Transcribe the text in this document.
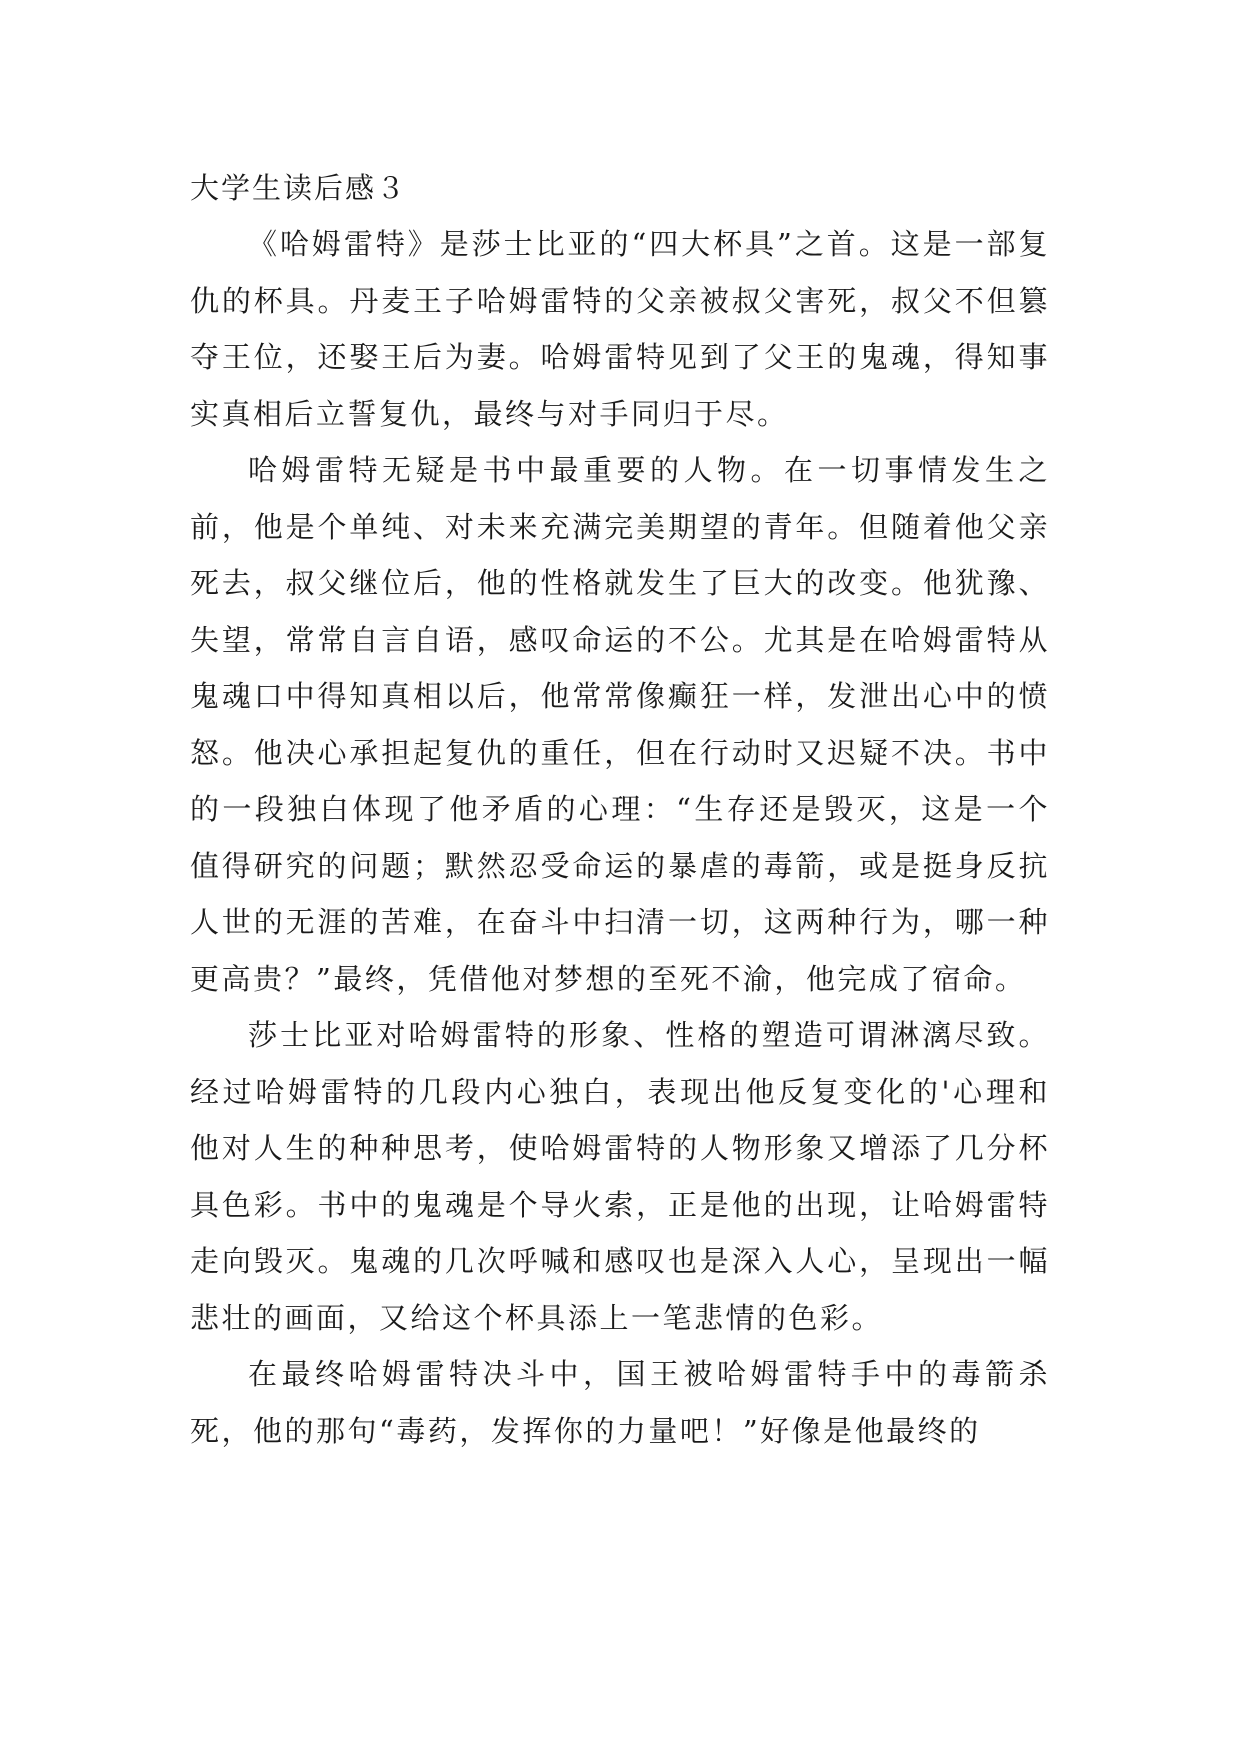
大学生读后感３

《哈姆雷特》是莎士比亚的“四大杯具”之首。这是一部复仇的杯具。丹麦王子哈姆雷特的父亲被叔父害死，叔父不但篡夺王位，还娶王后为妻。哈姆雷特见到了父王的鬼魂，得知事实真相后立誓复仇，最终与对手同归于尽。

哈姆雷特无疑是书中最重要的人物。在一切事情发生之前，他是个单纯、对未来充满完美期望的青年。但随着他父亲死去，叔父继位后，他的性格就发生了巨大的改变。他犹豫、失望，常常自言自语，感叹命运的不公。尤其是在哈姆雷特从鬼魂口中得知真相以后，他常常像癫狂一样，发泄出心中的愤怒。他决心承担起复仇的重任，但在行动时又迟疑不决。书中的一段独白体现了他矛盾的心理：“生存还是毁灭，这是一个值得研究的问题；默然忍受命运的暴虐的毒箭，或是挺身反抗人世的无涯的苦难，在奋斗中扫清一切，这两种行为，哪一种更高贵？”最终，凭借他对梦想的至死不渝，他完成了宿命。

莎士比亚对哈姆雷特的形象、性格的塑造可谓淋漓尽致。经过哈姆雷特的几段内心独白，表现出他反复变化的'心理和他对人生的种种思考，使哈姆雷特的人物形象又增添了几分杯具色彩。书中的鬼魂是个导火索，正是他的出现，让哈姆雷特走向毁灭。鬼魂的几次呼喊和感叹也是深入人心，呈现出一幅悲壮的画面，又给这个杯具添上一笔悲情的色彩。

在最终哈姆雷特决斗中，国王被哈姆雷特手中的毒箭杀死，他的那句“毒药，发挥你的力量吧！”好像是他最终的
